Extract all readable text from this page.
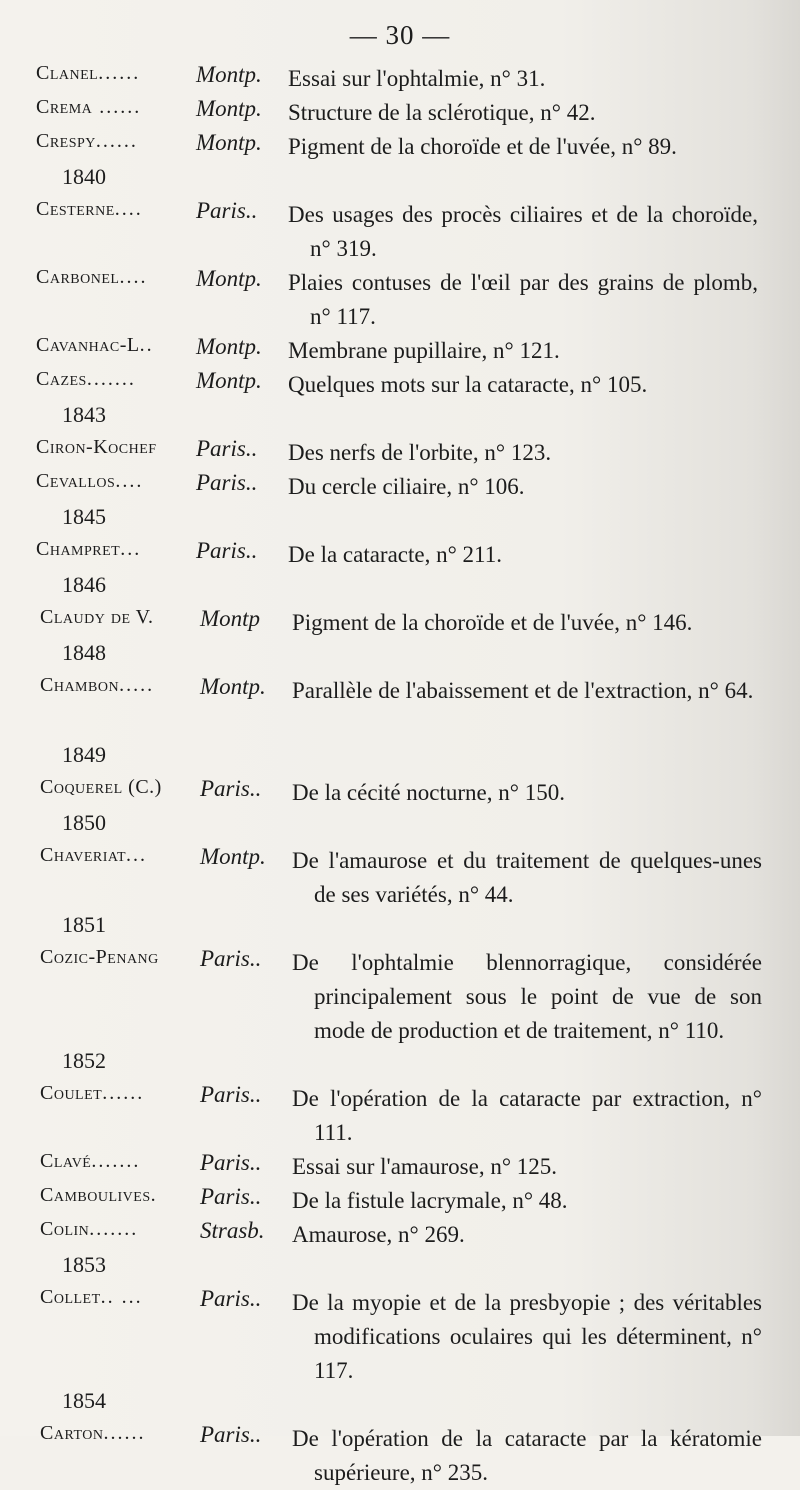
— 30 —
Clanel...... Montp. Essai sur l'ophtalmie, n° 31.
Crema ...... Montp. Structure de la sclérotique, n° 42.
Crespy......	Montp. Pigment de la choroïde et de l'uvée, n° 89.
1840
Cesterne.... Paris.. Des usages des procès ciliaires et de la choroïde, n° 319.
Carbonel.... Montp. Plaies contuses de l'œil par des grains de plomb, n° 117.
Cavanhac-L.. Montp. Membrane pupillaire, n° 121.
Cazes.......	Montp. Quelques mots sur la cataracte, n° 105.
1843
Ciron-Kochef Paris.. Des nerfs de l'orbite, n° 123.
Cevallos.... Paris.. Du cercle ciliaire, n° 106.
1845
Champret... Paris.. De la cataracte, n° 211.
1846
Claudy de V. Montp Pigment de la choroïde et de l'uvée, n° 146.
1848
Chambon..... Montp. Parallèle de l'abaissement et de l'extraction, n° 64.
1849
Coquerel (C.) Paris.. De la cécité nocturne, n° 150.
1850
Chaveriat... Montp. De l'amaurose et du traitement de quelques-unes de ses variétés, n° 44.
1851
Cozic-Penang Paris.. De l'ophtalmie blennorragique, considérée principalement sous le point de vue de son mode de production et de traitement, n° 110.
1852
Coulet...... Paris.. De l'opération de la cataracte par extraction, n° 111.
Clavé.......	Paris.. Essai sur l'amaurose, n° 125.
Camboulives. Paris.. De la fistule lacrymale, n° 48.
Colin.......	Strasb. Amaurose, n° 269.
1853
Collet.. ... Paris.. De la myopie et de la presbyopie ; des véritables modifications oculaires qui les déterminent, n° 117.
1854
Carton...... Paris.. De l'opération de la cataracte par la kératomie supérieure, n° 235.
